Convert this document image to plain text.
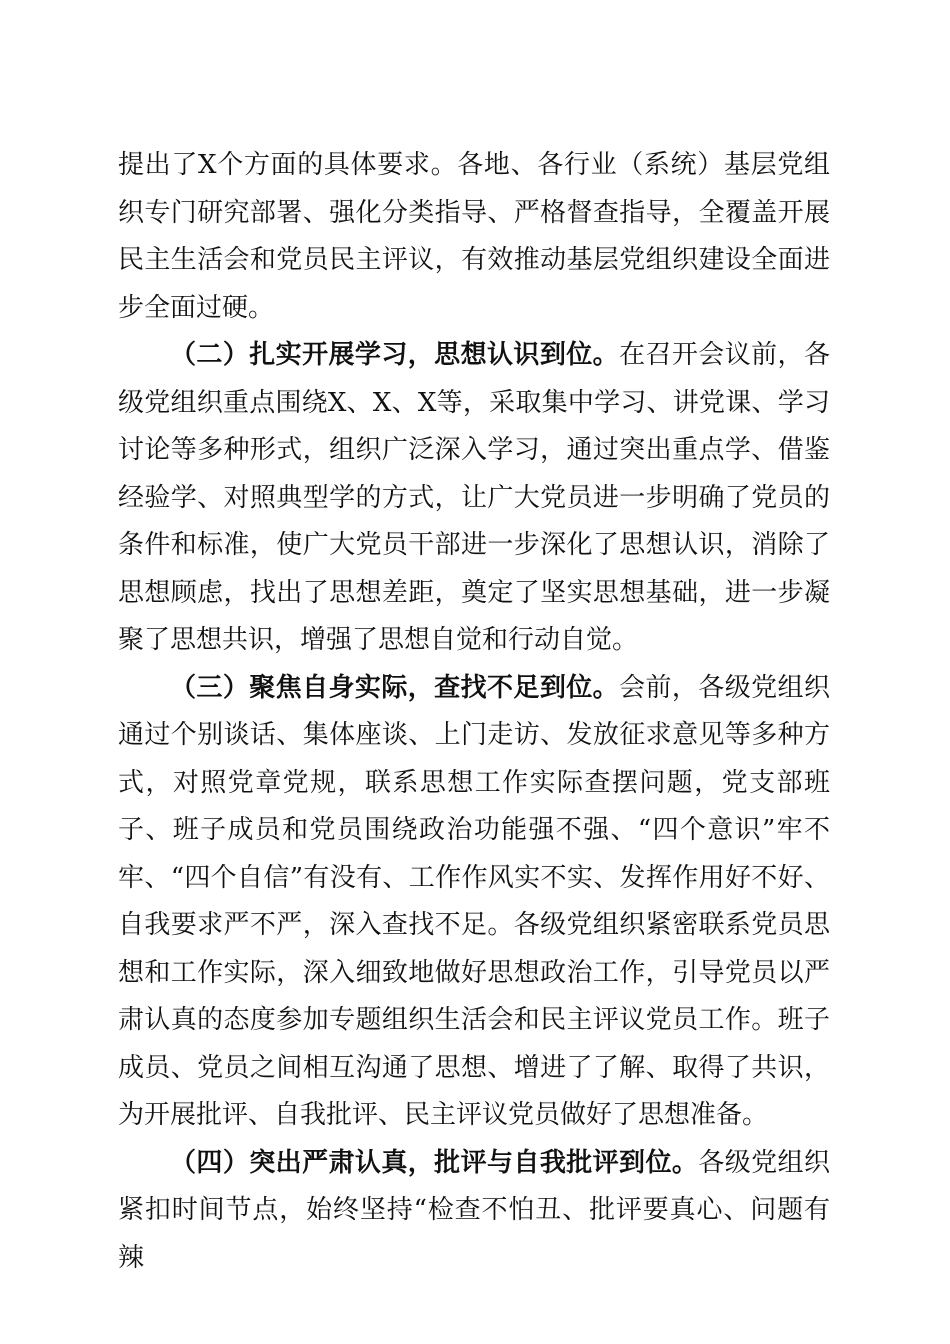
提出了X个方面的具体要求。各地、各行业（系统）基层党组织专门研究部署、强化分类指导、严格督查指导，全覆盖开展民主生活会和党员民主评议，有效推动基层党组织建设全面进步全面过硬。

（二）扎实开展学习，思想认识到位。在召开会议前，各级党组织重点围绕X、X、X等，采取集中学习、讲党课、学习讨论等多种形式，组织广泛深入学习，通过突出重点学、借鉴经验学、对照典型学的方式，让广大党员进一步明确了党员的条件和标准，使广大党员干部进一步深化了思想认识，消除了思想顾虑，找出了思想差距，奠定了坚实思想基础，进一步凝聚了思想共识，增强了思想自觉和行动自觉。

（三）聚焦自身实际，查找不足到位。会前，各级党组织通过个别谈话、集体座谈、上门走访、发放征求意见等多种方式，对照党章党规，联系思想工作实际查摆问题，党支部班子、班子成员和党员围绕政治功能强不强、“四个意识”牢不牢、“四个自信”有没有、工作作风实不实、发挥作用好不好、自我要求严不严，深入查找不足。各级党组织紧密联系党员思想和工作实际，深入细致地做好思想政治工作，引导党员以严肃认真的态度参加专题组织生活会和民主评议党员工作。班子成员、党员之间相互沟通了思想、增进了了解、取得了共识，为开展批评、自我批评、民主评议党员做好了思想准备。

（四）突出严肃认真，批评与自我批评到位。各级党组织紧扣时间节点，始终坚持“检查不怕丑、批评要真心、问题有辣
